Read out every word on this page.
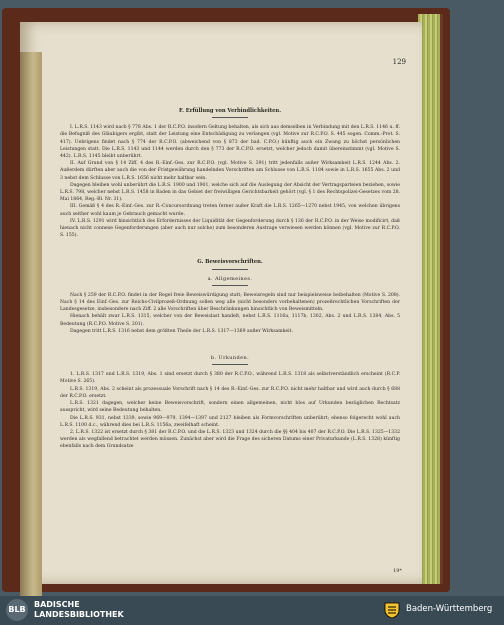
129

F. Erfüllung von Verbindlichkeiten.

I. L.R.S. 1143 wird nach § 778 Abs. 1 der R.C.P.O. insofern Geltung behalten, als sich aus demselben in Verbindung mit den L.R.S. 1146 u. ff. die Befugniß des Gläubigers ergibt, statt der Leistung eine Entschädigung zu verlangen (vgl. Motive zur R.C.P.O. S. 445 sogen. Comm.-Prot. S. 417). Uebrigens findet nach § 774 der R.C.P.O. (abweichend von § 873 der bad. C.P.O.) künftig auch ein Zwang zu höchst persönlichen Leistungen statt. Die L.R.S. 1143 und 1144 werden durch den § 773 der R.C.P.O. ersetzt, welcher jedoch damit übereinstimmt (vgl. Motive S. 442). L.R.S. 1145 bleibt unberührt.

II. Auf Grund von § 14 Ziff. 4 des R.-Einf.-Ges. zur R.C.P.O. (vgl. Motive S. 391) tritt jedenfalls außer Wirksamkeit L.R.S. 1244 Abs. 2. Außerdem dürften aber auch die von der Fristgewährung handelnden Vorschriften am Schlusse von L.R.S. 1184 sowie in L.R.S. 1655 Abs. 2 und 3 nebst dem Schlusse von L.R.S. 1656 nicht mehr haltbar sein.

Dagegen bleiben wohl unberührt die L.R.S. 1900 und 1901, welche sich auf die Auslegung der Absicht der Vertragsparteien beziehen, sowie L.R.S. 798, welcher nebst L.R.S. 1458 in Baden in das Gebiet der freiwilligen Gerichtsbarkeit gehört (vgl. § 1 des Rechtspolizei-Gesetzes vom 28. Mai 1864, Reg.-Bl. Nr. 31).

III. Gemäß § 4 des R.-Einf.-Ges. zur R.-Concursordnung treten ferner außer Kraft die L.R.S. 1265—1270 nebst 1945, von welchen übrigens auch seither wohl kaum je Gebrauch gemacht wurde.

IV. L.R.S. 1291 wird hinsichtlich des Erfordernisses der Liquidität der Gegenforderung durch § 136 der R.C.P.O. in der Weise modificirt, daß hienach nicht connexe Gegenforderungen (aber auch nur solche) zum besonderen Austrage verwiesen werden können (vgl. Motive zur R.C.P.O. S. 155).

G. Beweisvorschriften.

a. Allgemeines.

Nach § 259 der R.C.P.O. findet in der Regel freie Beweiswürdigung statt; Beweisregeln sind nur beispielsweise beibehalten (Motive S. 208). Nach § 14 des Einf.-Ges. zur Reichs-Civilprozeß-Ordnung sollen weg alle (nicht besonders vorbehaltenen) prozeßrechtlichen Vorschriften der Landesgesetze, insbesondere nach Ziff. 2 alle Vorschriften über Beschränkungen hinsichtlich von Beweismitteln.

Hienach behält zwar L.R.S. 1315, welcher von der Beweislast handelt, nebst L.R.S. 1116a, 1117b, 1302, Abs. 2 und L.R.S. 1384, Abs. 5 Bedeutung (R.C.P.O. Motive S. 201).

Dagegen tritt L.R.S. 1316 nebst dem größten Theile der L.R.S. 1317—1369 außer Wirksamkeit.

b. Urkunden.

1. L.R.S. 1317 und L.R.S. 1319, Abs. 1 sind ersetzt durch § 380 der R.C.P.O., während L.R.S. 1318 als selbstverständlich erscheint (R.C.P. Motive S. 265).

L.R.S. 1319, Abs. 2 scheint als prozessuale Vorschrift nach § 14 des R.-Einf.-Ges. zur R.C.P.O. nicht mehr haltbar und wird auch durch § 688 der R.C.P.O. ersetzt.

L.R.S. 1321 dagegen, welcher keine Beweisvorschrift, sondern einen allgemeinen, nicht blos auf Urkunden bezüglichen Rechtsatz ausspricht, wird seine Bedeutung behalten.

Die L.R.S. 931, nebst 1339, sowie 969—979, 1394—1397 und 2127 bleiben als Formvorschriften unberührt; ebenso folgerecht wohl auch L.R.S. 1100 d.c., während dies bei L.R.S. 1156a, zweifelhaft scheint.

2. L.R.S. 1322 ist ersetzt durch § 381 der R.C.P.O. und die L.R.S. 1323 und 1324 durch die §§ 404 bis 407 der R.C.P.O. Die L.R.S. 1325—1332 werden als wegfallend betrachtet werden müssen. Zunächst aber wird die Frage des sicheren Datums einer Privaturkunde (L.R.S. 1328) künftig ebenfalls nach dem Grundsatze

19*
BLB
BADISCHE
LANDESBIBLIOTHEK
Baden-Württemberg
